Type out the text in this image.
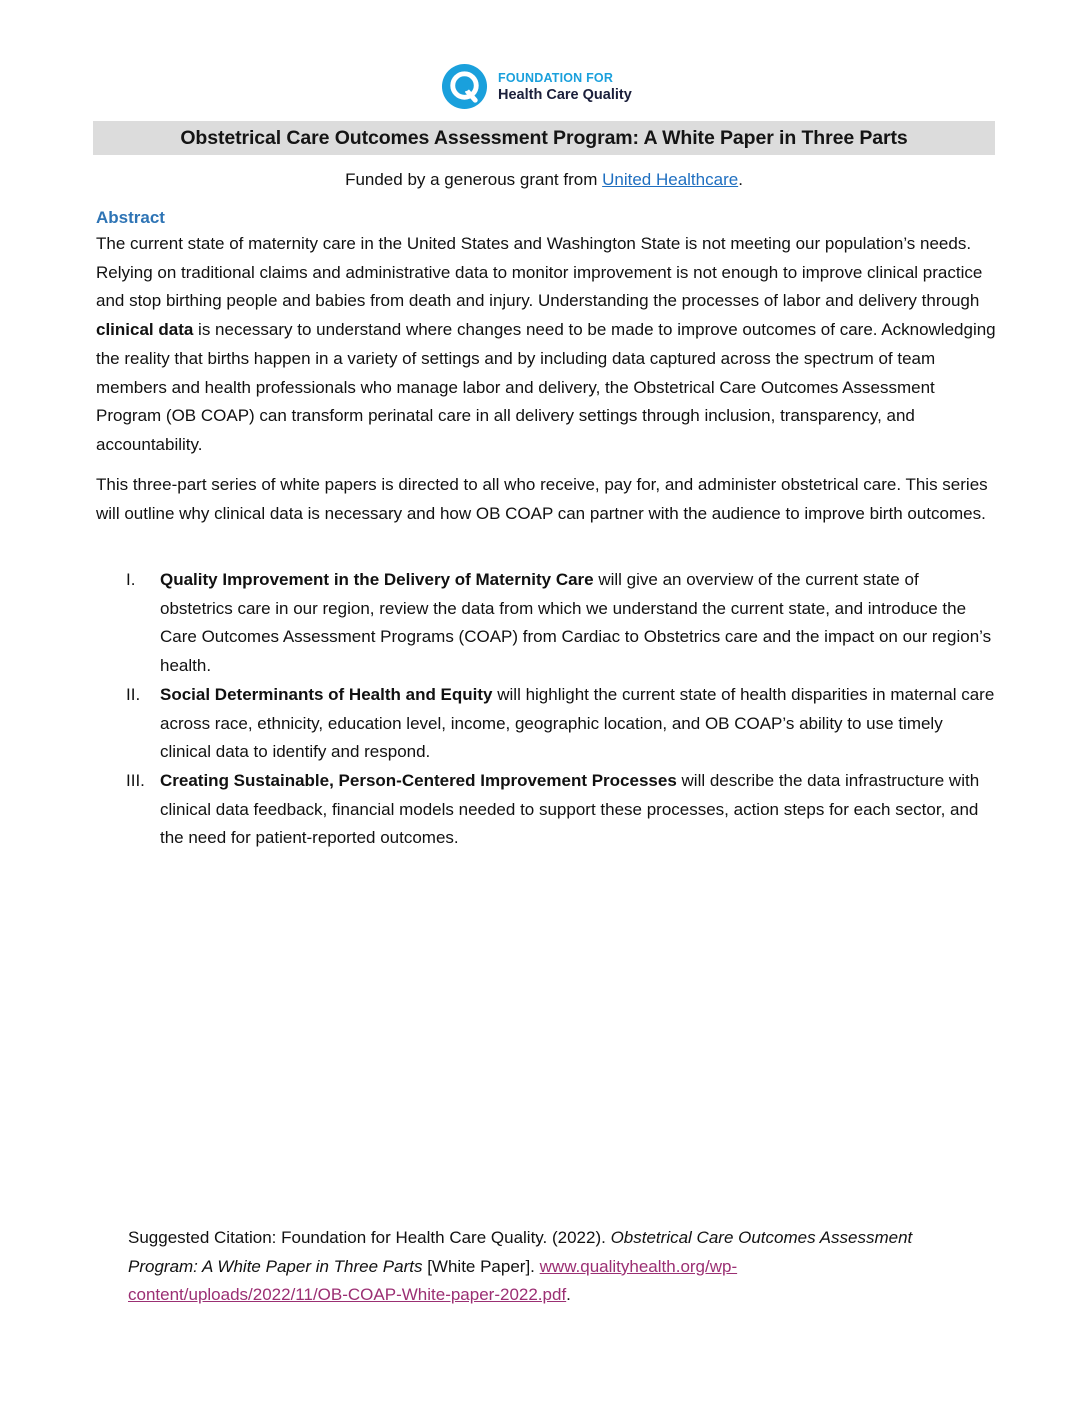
FOUNDATION FOR
Health Care Quality
Obstetrical Care Outcomes Assessment Program: A White Paper in Three Parts
Funded by a generous grant from United Healthcare.
Abstract
The current state of maternity care in the United States and Washington State is not meeting our population’s needs. Relying on traditional claims and administrative data to monitor improvement is not enough to improve clinical practice and stop birthing people and babies from death and injury. Understanding the processes of labor and delivery through clinical data is necessary to understand where changes need to be made to improve outcomes of care. Acknowledging the reality that births happen in a variety of settings and by including data captured across the spectrum of team members and health professionals who manage labor and delivery, the Obstetrical Care Outcomes Assessment Program (OB COAP) can transform perinatal care in all delivery settings through inclusion, transparency, and accountability.
This three-part series of white papers is directed to all who receive, pay for, and administer obstetrical care. This series will outline why clinical data is necessary and how OB COAP can partner with the audience to improve birth outcomes.
I.	Quality Improvement in the Delivery of Maternity Care will give an overview of the current state of obstetrics care in our region, review the data from which we understand the current state, and introduce the Care Outcomes Assessment Programs (COAP) from Cardiac to Obstetrics care and the impact on our region’s health.
II.	Social Determinants of Health and Equity will highlight the current state of health disparities in maternal care across race, ethnicity, education level, income, geographic location, and OB COAP’s ability to use timely clinical data to identify and respond.
III. Creating Sustainable, Person-Centered Improvement Processes will describe the data infrastructure with clinical data feedback, financial models needed to support these processes, action steps for each sector, and the need for patient-reported outcomes.
Suggested Citation: Foundation for Health Care Quality. (2022). Obstetrical Care Outcomes Assessment Program: A White Paper in Three Parts [White Paper]. www.qualityhealth.org/wp-content/uploads/2022/11/OB-COAP-White-paper-2022.pdf.
